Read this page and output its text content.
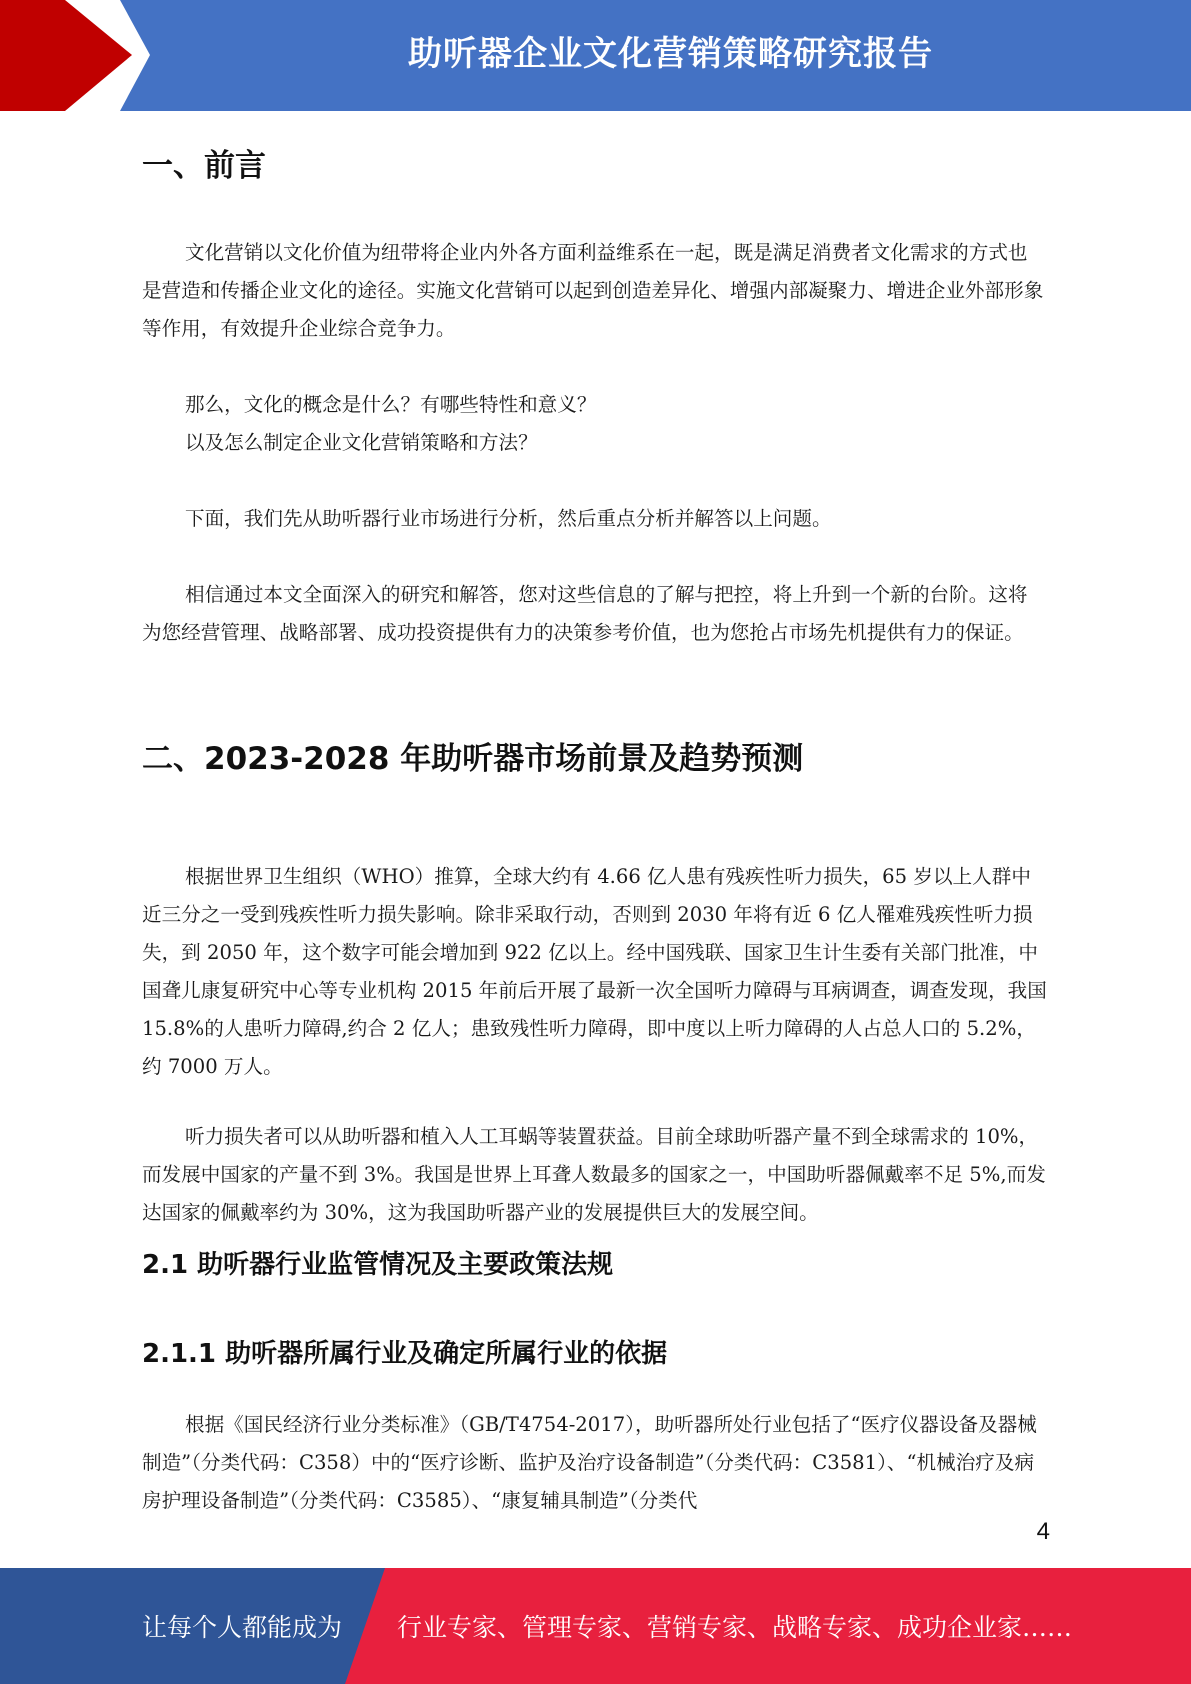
助听器企业文化营销策略研究报告
一、前言
文化营销以文化价值为纽带将企业内外各方面利益维系在一起，既是满足消费者文化需求的方式也是营造和传播企业文化的途径。实施文化营销可以起到创造差异化、增强内部凝聚力、增进企业外部形象等作用，有效提升企业综合竞争力。
那么，文化的概念是什么？有哪些特性和意义？
以及怎么制定企业文化营销策略和方法？
下面，我们先从助听器行业市场进行分析，然后重点分析并解答以上问题。
相信通过本文全面深入的研究和解答，您对这些信息的了解与把控，将上升到一个新的台阶。这将为您经营管理、战略部署、成功投资提供有力的决策参考价值，也为您抢占市场先机提供有力的保证。
二、2023-2028 年助听器市场前景及趋势预测
根据世界卫生组织（WHO）推算，全球大约有 4.66 亿人患有残疾性听力损失，65 岁以上人群中近三分之一受到残疾性听力损失影响。除非采取行动，否则到 2030 年将有近 6 亿人罹难残疾性听力损失，到 2050 年，这个数字可能会增加到 922 亿以上。经中国残联、国家卫生计生委有关部门批准，中国聋儿康复研究中心等专业机构 2015 年前后开展了最新一次全国听力障碍与耳病调查，调查发现，我国 15.8%的人患听力障碍,约合 2 亿人；患致残性听力障碍，即中度以上听力障碍的人占总人口的 5.2%，约 7000 万人。
听力损失者可以从助听器和植入人工耳蜗等装置获益。目前全球助听器产量不到全球需求的 10%，而发展中国家的产量不到 3%。我国是世界上耳聋人数最多的国家之一，中国助听器佩戴率不足 5%,而发达国家的佩戴率约为 30%，这为我国助听器产业的发展提供巨大的发展空间。
2.1 助听器行业监管情况及主要政策法规
2.1.1 助听器所属行业及确定所属行业的依据
根据《国民经济行业分类标准》（GB/T4754-2017），助听器所处行业包括了“医疗仪器设备及器械制造”（分类代码：C358）中的“医疗诊断、监护及治疗设备制造”（分类代码：C3581）、“机械治疗及病房护理设备制造”（分类代码：C3585）、“康复辅具制造”（分类代
4
让每个人都能成为 行业专家、管理专家、营销专家、战略专家、成功企业家……
